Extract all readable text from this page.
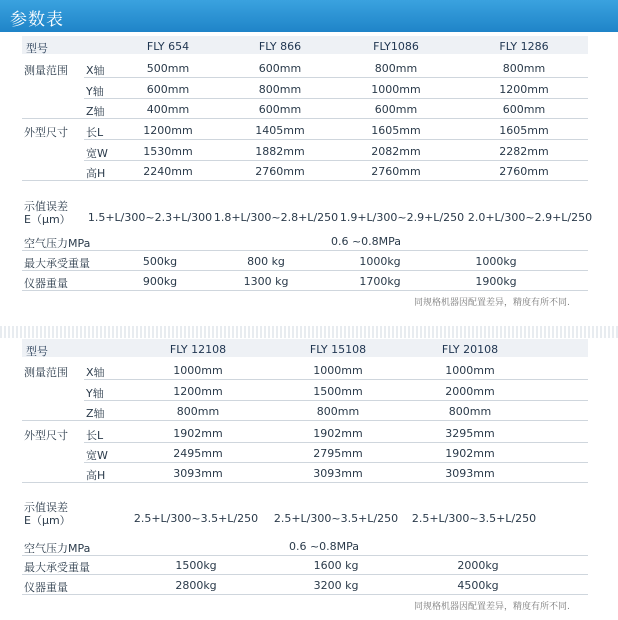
参数表
型号	FLY 654	FLY 866	FLY1086	FLY 1286
测量范围
外型尺寸
X轴	500mm	600mm	800mm	800mm
Y轴	600mm	800mm	1000mm	1200mm
Z轴	400mm	600mm	600mm	600mm
长L	1200mm	1405mm	1605mm	1605mm
宽W	1530mm	1882mm	2082mm	2282mm
高H	2240mm	2760mm	2760mm	2760mm
示值误差
E（μm） 1.5+L/300~2.3+L/300 1.8+L/300~2.8+L/250 1.9+L/300~2.9+L/250 2.0+L/300~2.9+L/250
空气压力MPa	0.6 ~0.8MPa
最大承受重量	500kg	800 kg	1000kg	1000kg
仪器重量	900kg	1300 kg	1700kg	1900kg
同规格机器因配置差异，精度有所不同.
型号	FLY 12108	FLY 15108	FLY 20108
测量范围
外型尺寸
X轴	1000mm	1000mm	1000mm
Y轴	1200mm	1500mm	2000mm
Z轴	800mm	800mm	800mm
长L	1902mm	1902mm	3295mm
宽W	2495mm	2795mm	1902mm
高H	3093mm	3093mm	3093mm
示值误差
E（μm）	2.5+L/300~3.5+L/250 2.5+L/300~3.5+L/250 2.5+L/300~3.5+L/250
空气压力MPa	0.6 ~0.8MPa
最大承受重量	1500kg	1600 kg	2000kg
仪器重量	2800kg	3200 kg	4500kg
同规格机器因配置差异，精度有所不同.
